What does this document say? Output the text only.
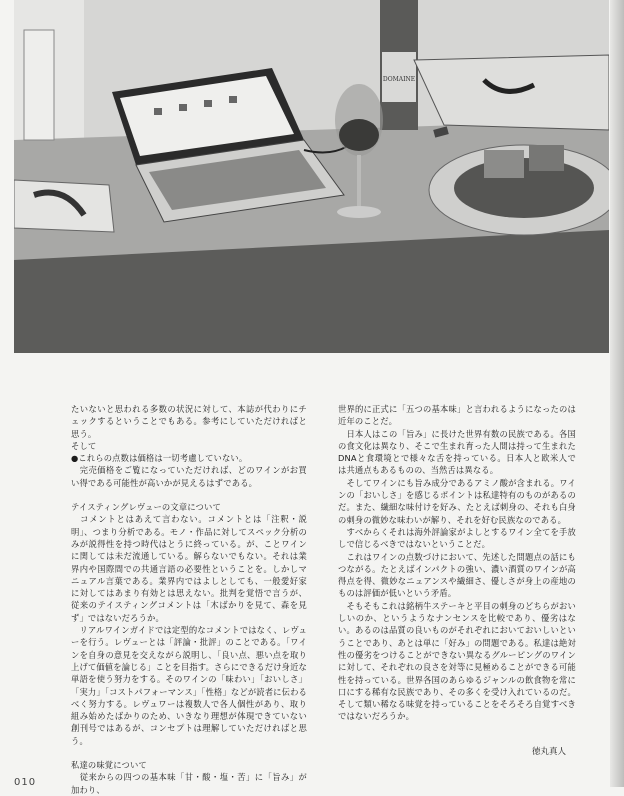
DOMAINE

たいないと思われる多数の状況に対して、本誌が代わりにチェックするということでもある。参考にしていただければと思う。

そして

●これらの点数は価格は一切考慮していない。

　完売価格をご覧になっていただければ、どのワインがお買い得である可能性が高いかが見えるはずである。

テイスティングレヴューの文章について

　コメントとはあえて言わない。コメントとは「注釈・説明」、つまり分析である。モノ・作品に対してスペック分析のみが説得性を持つ時代はとうに終っている。が、ことワインに関しては未だ流通している。解らないでもない。それは業界内や国際間での共通言語の必要性ということを。しかしマニュアル言葉である。業界内ではよしとしても、一般愛好家に対してはあまり有効とは思えない。批判を覚悟で言うが、従来のテイスティングコメントは「木ばかりを見て、森を見ず」ではないだろうか。

　リアルワインガイドでは定型的なコメントではなく、レヴューを行う。レヴューとは「評論・批評」のことである。「ワインを自身の意見を交えながら説明し、「良い点、悪い点を取り上げて価値を論じる」ことを目指す。さらにできるだけ身近な単語を使う努力をする。そのワインの「味わい」「おいしさ」「実力」「コストパフォーマンス」「性格」などが読者に伝わるべく努力する。レヴュワーは複数人で各人個性があり、取り組み始めたばかりのため、いきなり理想が体現できていない創刊号ではあるが、コンセプトは理解していただければと思う。

私達の味覚について

　従来からの四つの基本味「甘・酸・塩・苦」に「旨み」が加わり、

世界的に正式に「五つの基本味」と言われるようになったのは近年のことだ。

　日本人はこの「旨み」に長けた世界有数の民族である。各国の食文化は異なり、そこで生まれ育った人間は持って生まれたDNAと食環境とで様々な舌を持っている。日本人と欧米人では共通点もあるものの、当然舌は異なる。

　そしてワインにも旨み成分であるアミノ酸が含まれる。ワインの「おいしさ」を感じるポイントは私達特有のものがあるのだ。また、繊細な味付けを好み、たとえば刺身の、それも白身の刺身の微妙な味わいが解り、それを好む民族なのである。

　すべからくそれは海外評論家がよしとするワイン全てを手放しで信じるべきではないということだ。

　これはワインの点数づけにおいて、先述した問題点の話にもつながる。たとえばインパクトの強い、濃い酒質のワインが高得点を得、微妙なニュアンスや繊細さ、優しさが身上の産地のものは評価が低いという矛盾。

　そもそもこれは銘柄牛ステーキと平目の刺身のどちらがおいしいのか、というようなナンセンスを比較であり、優劣はない。あるのは品質の良いものがそれぞれにおいておいしいということであり、あとは単に「好み」の問題である。私達は絶対性の優劣をつけることができない異なるグルーピングのワインに対して、それぞれの良さを対等に見極めることができる可能性を持っている。世界各国のあらゆるジャンルの飲食物を常に口にする稀有な民族であり、その多くを受け入れているのだ。そして類い稀なる味覚を持っていることをそろそろ自覚すべきではないだろうか。

徳丸真人
010
